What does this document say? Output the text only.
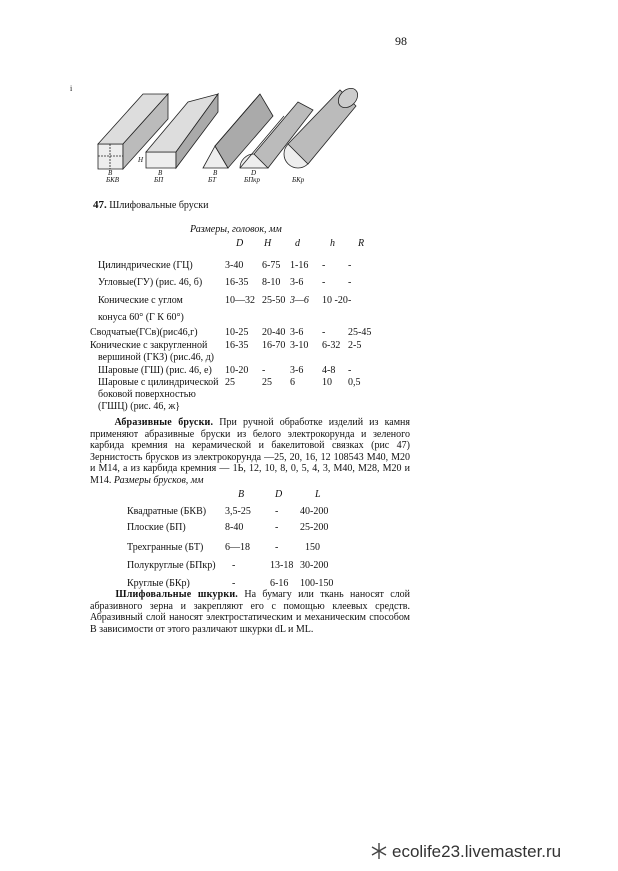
98
i
БКВ	БП	БТ	БПкр	БКр
B	B
B
H
D
47. Шлифовальные бруски
Размеры, головок, мм
D H d	h R
Цилиндрические (ГЦ)	3-40 6-75 1-16 - -
Угловые(ГУ) (рис. 46, б) 16-35 8-10 3-6 - -
Конические с углом	10—32 25-50 3—6 10 -20 -
конуса 60° (Г К 60°)
Сводчатые(ГСв)(рис46,г)	10-25 20-40 3-6 - 25-45
Конические с закругленной 16-35 16-70 3-10 6-32 2-5
вершиной (ГКЗ) (рис.46, д)
Шаровые (ГШ) (рис. 46, е) 10-20 - 3-6 4-8 -
Шаровые с цилиндрической 25	25 6	10 0,5
боковой поверхностью
(ГШЦ) (рис. 46, ж}
Абразивные бруски. При ручной обработке изделий из камня применяют абразивные бруски из белого электрокорунда и зеленого карбида кремния на керамической и бакелитовой связках (рис 47) Зернистость брусков из электрокорунда —25, 20, 16, 12 108543 М40, М20 и М14, а из карбида кремния — 1Ь, 12, 10, 8, 0, 5, 4, 3, М40, М28, М20 и М14. Размеры брусков, мм
B	D	L
Квадратные (БКВ) 3,5-25 - 40-200
Плоские (БП)	8-40	- 25-200
Трехгранные (БТ) 6—18	-	150
Полукруглые (БПкр) -	13-18 30-200
Круглые (БКр)	-	6-16 100-150
Шлифовальные шкурки. На бумагу или ткань наносят слой абразивного зерна и закрепляют его с помощью клеевых средств. Абразивный слой наносят электростатическим и механическим способом В зависимости от этого различают шкурки dL и ML.
ecolife23.livemaster.ru
